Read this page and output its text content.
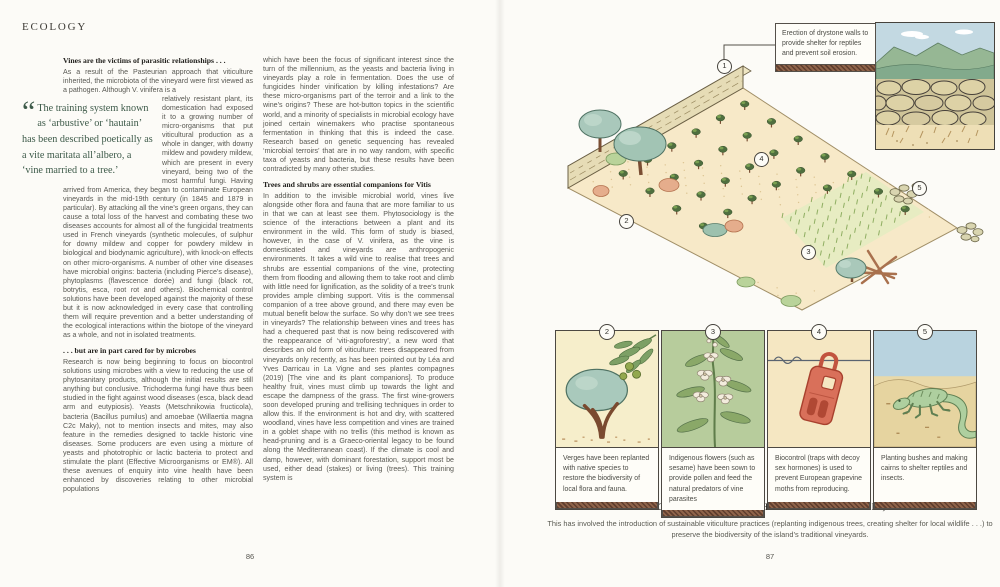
ECOLOGY
Vines are the victims of parasitic relationships . . .

As a result of the Pasteurian approach that viticulture inherited, the microbiota of the vineyard were first viewed as a pathogen. Although V. vinifera is a

“ The training system known as ‘arbustive’ or ‘hautain’ has been described poetically as a vite maritata all’albero, a ‘vine married to a tree.’

relatively resistant plant, its domestication had exposed it to a growing number of micro-organisms that put viticultural production as a whole in danger, with downy mildew and powdery mildew, which are present in every vineyard, being two of the most harmful fungi. Having arrived from America, they began to contaminate European vineyards in the mid-19th century (in 1845 and 1879 in particular). By attacking all the vine’s green organs, they can cause a total loss of the harvest and combating these two diseases accounts for almost all of the fungicidal treatments used in French vineyards (synthetic molecules, of sulphur for downy mildew and copper for powdery mildew in biological and biodynamic agriculture), with knock-on effects on other micro-organisms. A number of other vine diseases have microbial origins: bacteria (including Pierce’s disease), phytoplasms (flavescence dorée) and fungi (black rot, botrytis, esca, root rot and others). Biochemical control solutions have been developed against the majority of these but it is now acknowledged in every case that controlling them will require prevention and a better understanding of the ecological interactions within the biotope of the vineyard as a whole, and not in isolated treatments.

. . . but are in part cared for by microbes

Research is now being beginning to focus on biocontrol solutions using microbes with a view to reducing the use of phytosanitary products, although the initial results are still anything but conclusive. Trichoderma fungi have thus been studied in the fight against wood diseases (esca, black dead arm and eutypiosis). Yeasts (Metschnikowia fructicola), bacteria (Bacillus pumilus) and amoebae (Willaertia magna C2c Maky), not to mention insects and mites, may also feature in the remedies designed to tackle historic vine diseases. Some producers are even using a mixture of yeasts and phototrophic or lactic bacteria to protect and stimulate the plant (Effective Microorganisms or EM®). All these avenues of enquiry into vine health have been enhanced by discoveries relating to other microbial populations

which have been the focus of significant interest since the turn of the millennium, as the yeasts and bacteria living in vineyards play a role in fermentation. Does the use of fungicides hinder vinification by killing infestations? Are these micro-organisms part of the terroir and a link to the wine’s origins? These are hot-button topics in the scientific world, and a minority of specialists in microbial ecology have joined certain winemakers who practise spontaneous fermentation in thinking that this is indeed the case. Research based on genetic sequencing has revealed ‘microbial terroirs’ that are in no way random, with specific taxa of yeasts and bacteria, but these results have been contradicted by many other studies.

Trees and shrubs are essential companions for Vitis

In addition to the invisible microbial world, vines live alongside other flora and fauna that are more familiar to us in that we can at least see them. Phytosociology is the science of the interactions between a plant and its environment in the wild. This form of study is biased, however, in the case of V. vinifera, as the vine is domesticated and vineyards are anthropogenic environments. It takes a wild vine to realise that trees and shrubs are essential companions of the vine, protecting them from flooding and allowing them to take root and climb with little need for lignification, as the solidity of a tree’s trunk provides ample climbing support. Vitis is the commensal companion of a tree above ground, and there may even be mutual benefit below the surface. So why don’t we see trees in vineyards? The relationship between vines and trees has had a chequered past that is now being rediscovered with the reappearance of ‘viti-agroforestry’, a new word that describes an old form of viticulture: trees disappeared from vineyards only recently, as has been pointed out by Léa and Yves Darricau in La Vigne and ses plantes compagnes (2019) [The vine and its plant companions]. To produce healthy fruit, vines must climb up towards the light and escape the dampness of the grass. The first wine-growers soon developed pruning and trellising techniques in order to allow this. If the environment is hot and dry, with scattered woodland, vines have less competition and vines are trained in a goblet shape with no trellis (this method is known as head-pruning and is a Graeco-oriental legacy to be found along the Mediterranean coast). If the climate is cool and damp, however, with dominant forestation, support most be used, either dead (stakes) or living (trees). This training system is

86
1
2
3
4
5
Erection of drystone walls to provide shelter for reptiles and prevent soil erosion.
2
Verges have been replanted with native species to restore the biodiversity of local flora and fauna.
3
Indigenous flowers (such as sesame) have been sown to provide pollen and feed the natural predators of vine parasites
4
Biocontrol (traps with decoy sex hormones) is used to prevent European grapevine moths from reproducing.
5
Planting bushes and making cairns to shelter reptiles and insects.
This has involved the introduction of sustainable viticulture practices (replanting indigenous trees, creating shelter for local wildlife . . .) to preserve the biodiversity of the island’s traditional vineyards.
87
